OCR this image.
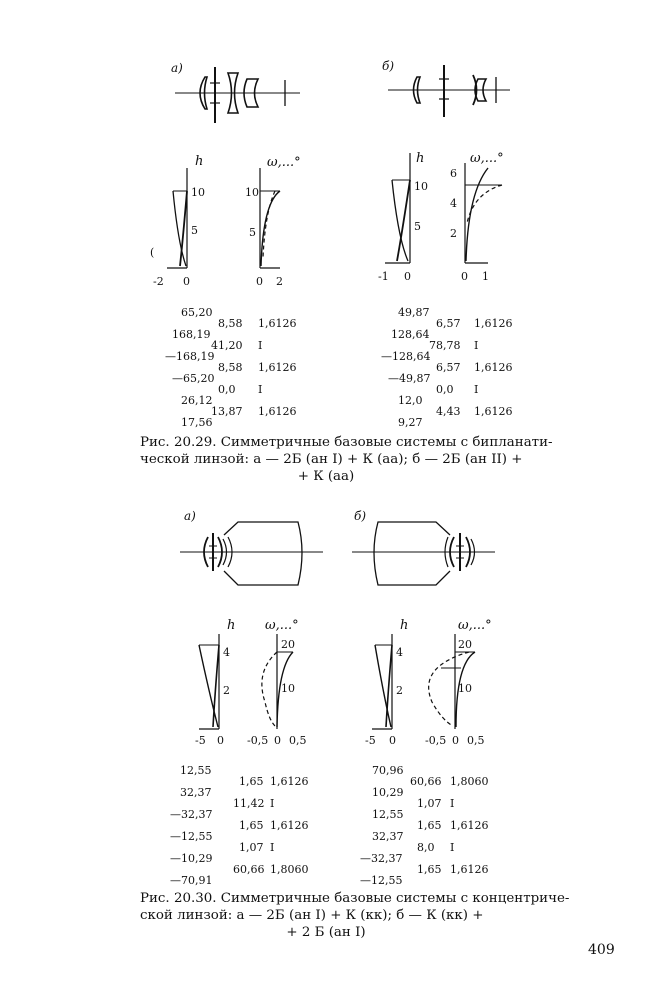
а)	б)
h
10
5
(
-2 0
ω,...°
10
5
0 2
h
10
5
-1 0
ω,...°
6
4
2
0 1
65,20
168,19
—168,19
—65,20
26,12
17,56
8,58
41,20
8,58
0,0
13,87
1,6126
I
1,6126
I
1,6126
49,87
128,64
—128,64
—49,87
12,0
9,27
6,57
78,78
6,57
0,0
4,43
1,6126
I
1,6126
I
1,6126
Рис. 20.29. Симметричные базовые системы с бипланати-
ческой линзой: а — 2Б (ан I) + К (аа); б — 2Б (ан II) +
+ К (аа)
а)	б)
h
4
2
-5 0
ω,...°
20
10
-0,5 0 0,5
h
4
2
-5 0
ω,...°
20
10
-0,5 0 0,5
12,55
32,37
—32,37
—12,55
—10,29
—70,91
1,65
11,42
1,65
1,07
60,66
1,6126
I
1,6126
I
1,8060
70,96
10,29
12,55
32,37
—32,37
—12,55
60,66
1,07
1,65
8,0
1,65
1,8060
I
1,6126
I
1,6126
Рис. 20.30. Симметричные базовые системы с концентриче-
ской линзой: а — 2Б (ан I) + К (кк); б — К (кк) +
+ 2 Б (ан I)
409
